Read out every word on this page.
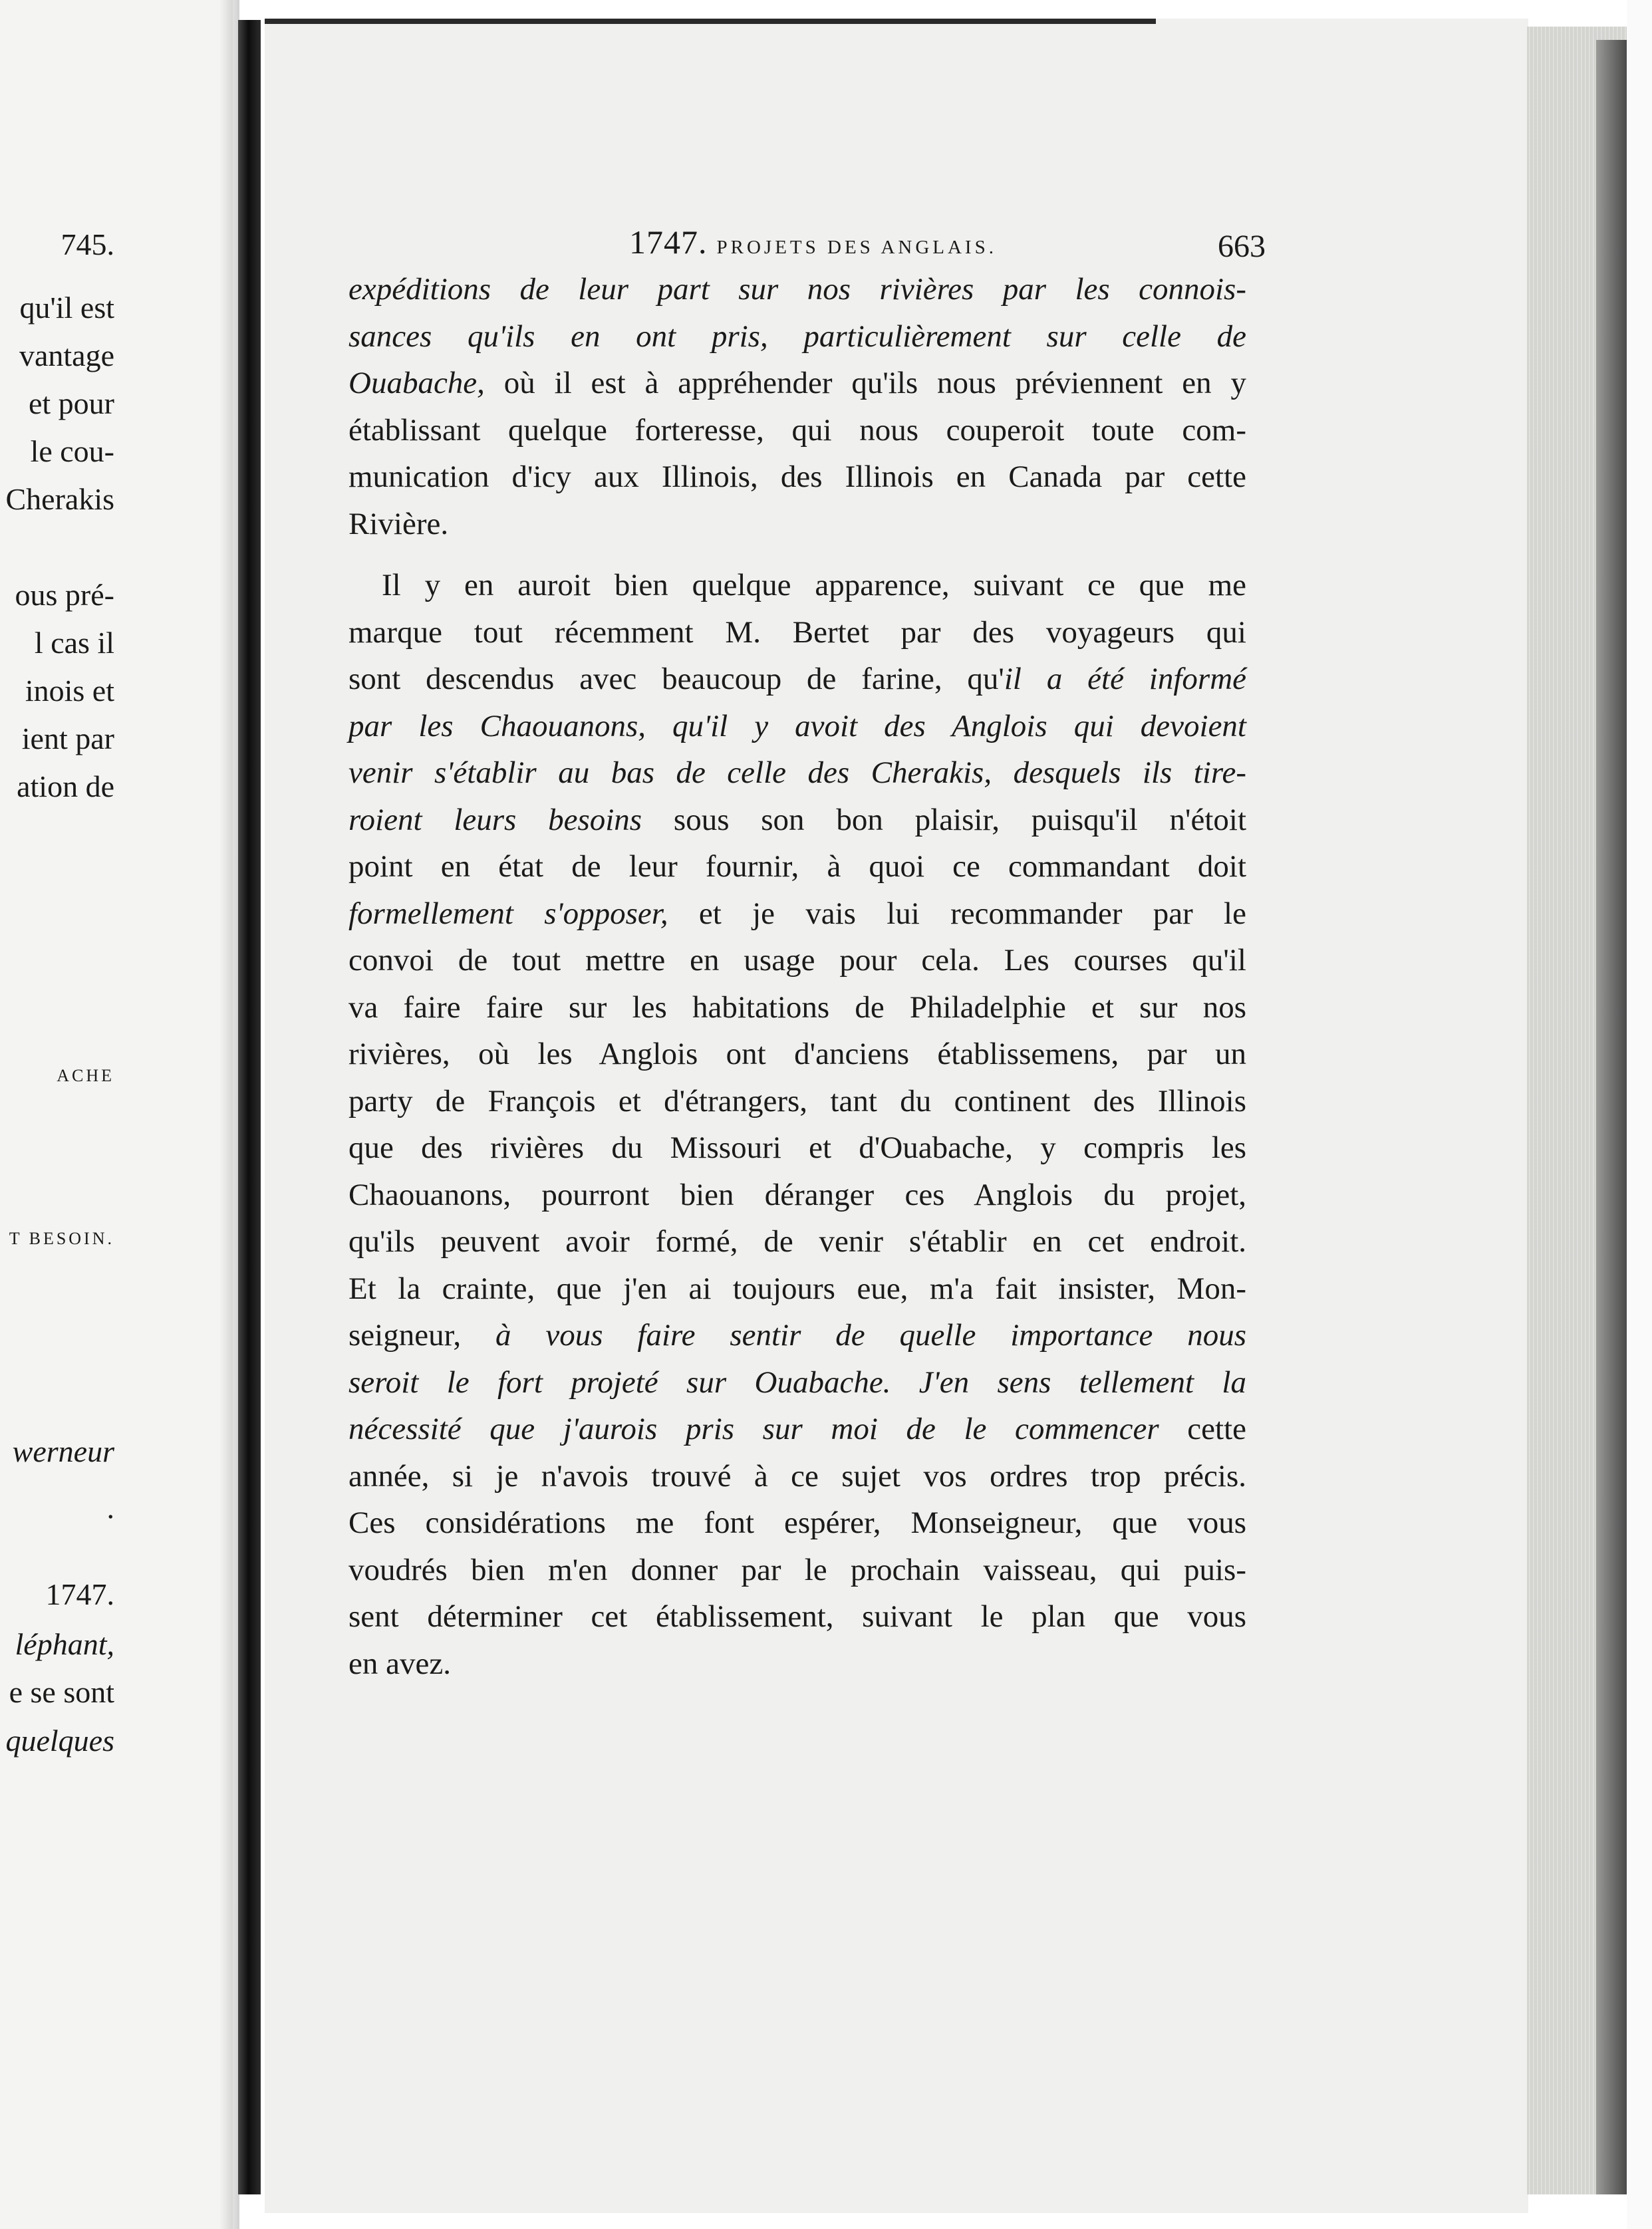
745.
qu'il est
vantage
et pour
le cou-
Cherakis
ous pré-
l cas il
inois et
ient par
ation de
ACHE
T BESOIN.
werneur
.
1747.
léphant,
e se sont
quelques
1747. PROJETS DES ANGLAIS.	663
expéditions de leur part sur nos rivières par les connois-
sances qu'ils en ont pris, particulièrement sur celle de
Ouabache, où il est à appréhender qu'ils nous préviennent en y
établissant quelque forteresse, qui nous couperoit toute com-
munication d'icy aux Illinois, des Illinois en Canada par cette
Rivière.
Il y en auroit bien quelque apparence, suivant ce que me
marque tout récemment M. Bertet par des voyageurs qui
sont descendus avec beaucoup de farine, qu'il a été informé
par les Chaouanons, qu'il y avoit des Anglois qui devoient
venir s'établir au bas de celle des Cherakis, desquels ils tire-
roient leurs besoins sous son bon plaisir, puisqu'il n'étoit
point en état de leur fournir, à quoi ce commandant doit
formellement s'opposer, et je vais lui recommander par le
convoi de tout mettre en usage pour cela. Les courses qu'il
va faire faire sur les habitations de Philadelphie et sur nos
rivières, où les Anglois ont d'anciens établissemens, par un
party de François et d'étrangers, tant du continent des Illinois
que des rivières du Missouri et d'Ouabache, y compris les
Chaouanons, pourront bien déranger ces Anglois du projet,
qu'ils peuvent avoir formé, de venir s'établir en cet endroit.
Et la crainte, que j'en ai toujours eue, m'a fait insister, Mon-
seigneur, à vous faire sentir de quelle importance nous
seroit le fort projeté sur Ouabache. J'en sens tellement la
nécessité que j'aurois pris sur moi de le commencer cette
année, si je n'avois trouvé à ce sujet vos ordres trop précis.
Ces considérations me font espérer, Monseigneur, que vous
voudrés bien m'en donner par le prochain vaisseau, qui puis-
sent déterminer cet établissement, suivant le plan que vous
en avez.
